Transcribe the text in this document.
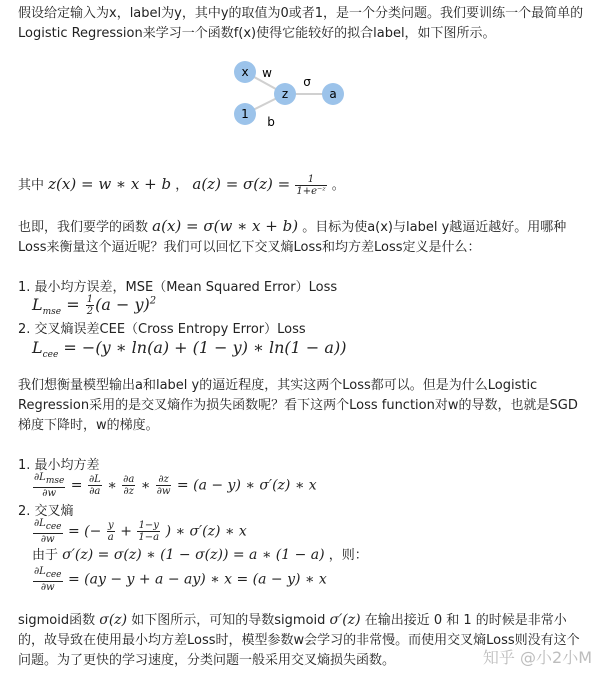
假设给定输入为x，label为y，其中y的取值为0或者1，是一个分类问题。我们要训练一个最简单的Logistic Regression来学习一个函数f(x)使得它能较好的拟合label，如下图所示。
x
1
z	a
w
b
σ
其中 z(x) = w ∗ x + b ， $a(z) = \sigma(z) = \frac{1}{\text{1+e⁻ᶻ}}$ 。
也即，我们要学的函数 a(x) = σ(w ∗ x + b) 。目标为使a(x)与label y越逼近越好。用哪种Loss来衡量这个逼近呢？我们可以回忆下交叉熵Loss和均方差Loss定义是什么：
1. 最小均方误差，MSE（Mean Squared Error）Loss
$L_{mse} = \frac{1}{2} (a - y)^2$
2. 交叉熵误差CEE（Cross Entropy Error）Loss
$L_{cee} = -(y$ ∗ ln(a) + (1 − y) ∗ ln(1 − a))
我们想衡量模型输出a和label y的逼近程度，其实这两个Loss都可以。但是为什么Logistic Regression采用的是交叉熵作为损失函数呢？看下这两个Loss function对w的导数，也就是SGD梯度下降时，w的梯度。
1. 最小均方差
$\frac{\text{∂Lmse}}{\partial w} = \frac{\partial L}{\partial a}$ ∗ $\frac{\partial a}{\partial z}$ ∗ $\frac{\partial z}{\partial w} = (a - y)$ ∗ σ′(z) ∗ x
2. 交叉熵
$\frac{\text{∂Lcee}}{\partial w}$ = (− $\frac{y}{a} + \frac{1-y}{1-a}$ ) ∗ σ′(z) ∗ x
由于 σ′(z) = σ(z) ∗ (1 − σ(z)) = a ∗ (1 − a) ，则：
$\frac{\text{∂Lcee}}{\partial w} = (ay - y + a - ay)$ ∗ x = (a − y) ∗ x
sigmoid函数 σ(z) 如下图所示，可知的导数sigmoid σ′(z) 在输出接近 0 和 1 的时候是非常小的，故导致在使用最小均方差Loss时，模型参数w会学习的非常慢。而使用交叉熵Loss则没有这个问题。为了更快的学习速度，分类问题一般采用交叉熵损失函数。	知乎 @小2小M
